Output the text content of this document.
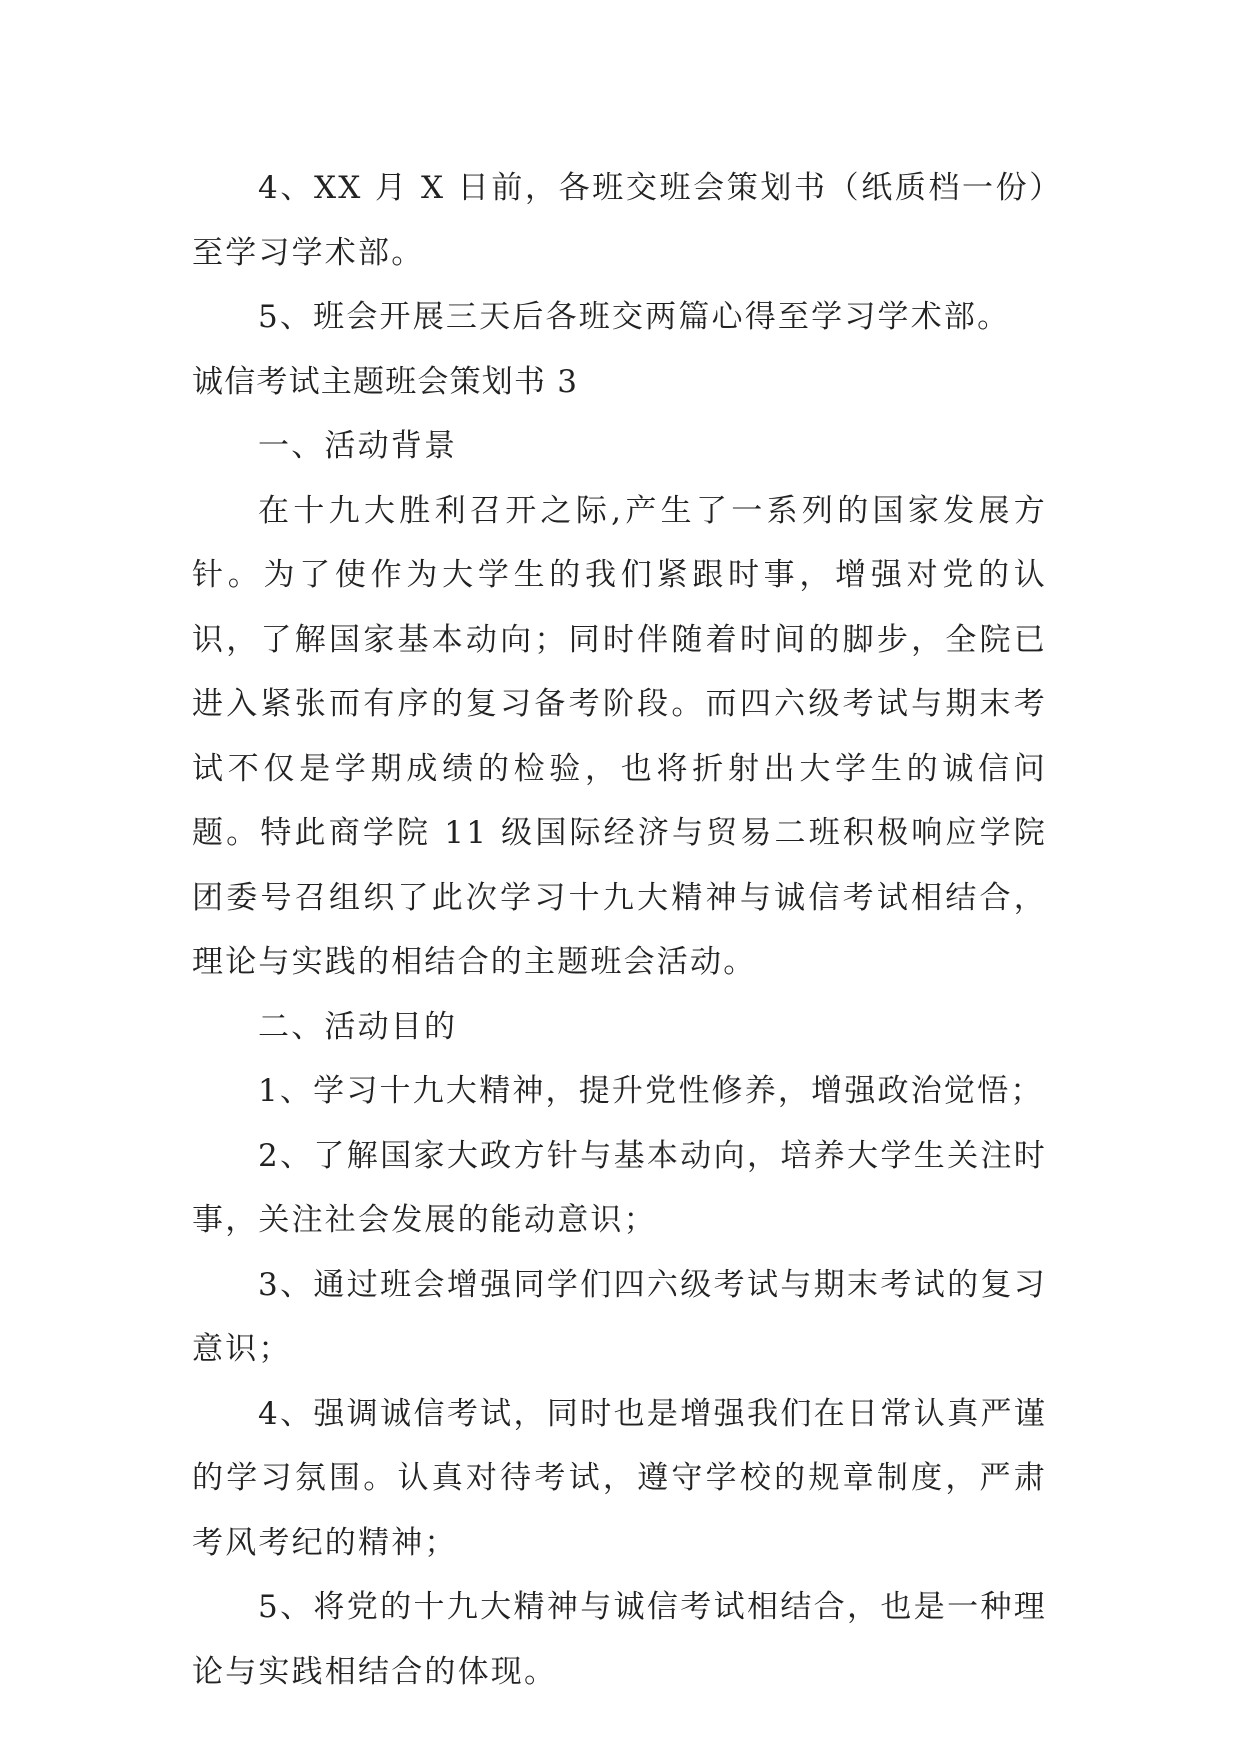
4、XX 月 X 日前，各班交班会策划书（纸质档一份）至学习学术部。

5、班会开展三天后各班交两篇心得至学习学术部。

诚信考试主题班会策划书 3

一、活动背景

在十九大胜利召开之际,产生了一系列的国家发展方针。为了使作为大学生的我们紧跟时事，增强对党的认识，了解国家基本动向；同时伴随着时间的脚步，全院已进入紧张而有序的复习备考阶段。而四六级考试与期末考试不仅是学期成绩的检验，也将折射出大学生的诚信问题。特此商学院 11 级国际经济与贸易二班积极响应学院团委号召组织了此次学习十九大精神与诚信考试相结合，理论与实践的相结合的主题班会活动。

二、活动目的

1、学习十九大精神，提升党性修养，增强政治觉悟；

2、了解国家大政方针与基本动向，培养大学生关注时事，关注社会发展的能动意识；

3、通过班会增强同学们四六级考试与期末考试的复习意识；

4、强调诚信考试，同时也是增强我们在日常认真严谨的学习氛围。认真对待考试，遵守学校的规章制度，严肃考风考纪的精神；

5、将党的十九大精神与诚信考试相结合，也是一种理论与实践相结合的体现。
